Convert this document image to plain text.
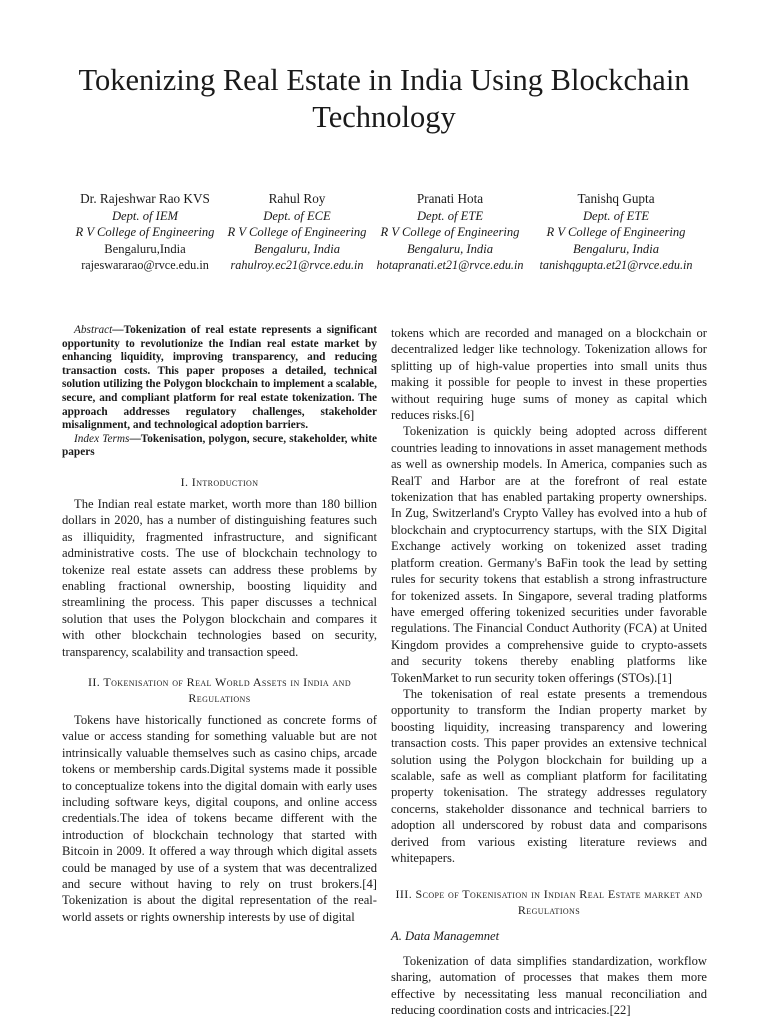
Tokenizing Real Estate in India Using Blockchain Technology
Dr. Rajeshwar Rao KVS
Dept. of IEM
R V College of Engineering
Bengaluru,India
rajeswararao@rvce.edu.in
Rahul Roy
Dept. of ECE
R V College of Engineering
Bengaluru, India
rahulroy.ec21@rvce.edu.in
Pranati Hota
Dept. of ETE
R V College of Engineering
Bengaluru, India
hotapranati.et21@rvce.edu.in
Tanishq Gupta
Dept. of ETE
R V College of Engineering
Bengaluru, India
tanishqgupta.et21@rvce.edu.in

Abstract—Tokenization of real estate represents a significant opportunity to revolutionize the Indian real estate market by enhancing liquidity, improving transparency, and reducing transaction costs. This paper proposes a detailed, technical solution utilizing the Polygon blockchain to implement a scalable, secure, and compliant platform for real estate tokenization. The approach addresses regulatory challenges, stakeholder misalignment, and technological adoption barriers.

Index Terms—Tokenisation, polygon, secure, stakeholder, white papers

I. Introduction

The Indian real estate market, worth more than 180 billion dollars in 2020, has a number of distinguishing features such as illiquidity, fragmented infrastructure, and significant administrative costs. The use of blockchain technology to tokenize real estate assets can address these problems by enabling fractional ownership, boosting liquidity and streamlining the process. This paper discusses a technical solution that uses the Polygon blockchain and compares it with other blockchain technologies based on security, transparency, scalability and transaction speed.

II. Tokenisation of Real World Assets in India and Regulations

Tokens have historically functioned as concrete forms of value or access standing for something valuable but are not intrinsically valuable themselves such as casino chips, arcade tokens or membership cards.Digital systems made it possible to conceptualize tokens into the digital domain with early uses including software keys, digital coupons, and online access credentials.The idea of tokens became different with the introduction of blockchain technology that started with Bitcoin in 2009. It offered a way through which digital assets could be managed by use of a system that was decentralized and secure without having to rely on trust brokers.[4] Tokenization is about the digital representation of the real-world assets or rights ownership interests by use of digital

tokens which are recorded and managed on a blockchain or decentralized ledger like technology. Tokenization allows for splitting up of high-value properties into small units thus making it possible for people to invest in these properties without requiring huge sums of money as capital which reduces risks.[6]

Tokenization is quickly being adopted across different countries leading to innovations in asset management methods as well as ownership models. In America, companies such as RealT and Harbor are at the forefront of real estate tokenization that has enabled partaking property ownerships. In Zug, Switzerland's Crypto Valley has evolved into a hub of blockchain and cryptocurrency startups, with the SIX Digital Exchange actively working on tokenized asset trading platform creation. Germany's BaFin took the lead by setting rules for security tokens that establish a strong infrastructure for tokenized assets. In Singapore, several trading platforms have emerged offering tokenized securities under favorable regulations. The Financial Conduct Authority (FCA) at United Kingdom provides a comprehensive guide to crypto-assets and security tokens thereby enabling platforms like TokenMarket to run security token offerings (STOs).[1]

The tokenisation of real estate presents a tremendous opportunity to transform the Indian property market by boosting liquidity, increasing transparency and lowering transaction costs. This paper provides an extensive technical solution using the Polygon blockchain for building up a scalable, safe as well as compliant platform for facilitating property tokenisation. The strategy addresses regulatory concerns, stakeholder dissonance and technical barriers to adoption all underscored by robust data and comparisons derived from various existing literature reviews and whitepapers.

III. Scope of Tokenisation in Indian Real Estate market and Regulations
A. Data Managemnet

Tokenization of data simplifies standardization, workflow sharing, automation of processes that makes them more effective by necessitating less manual reconciliation and reducing coordination costs and intricacies.[22]
